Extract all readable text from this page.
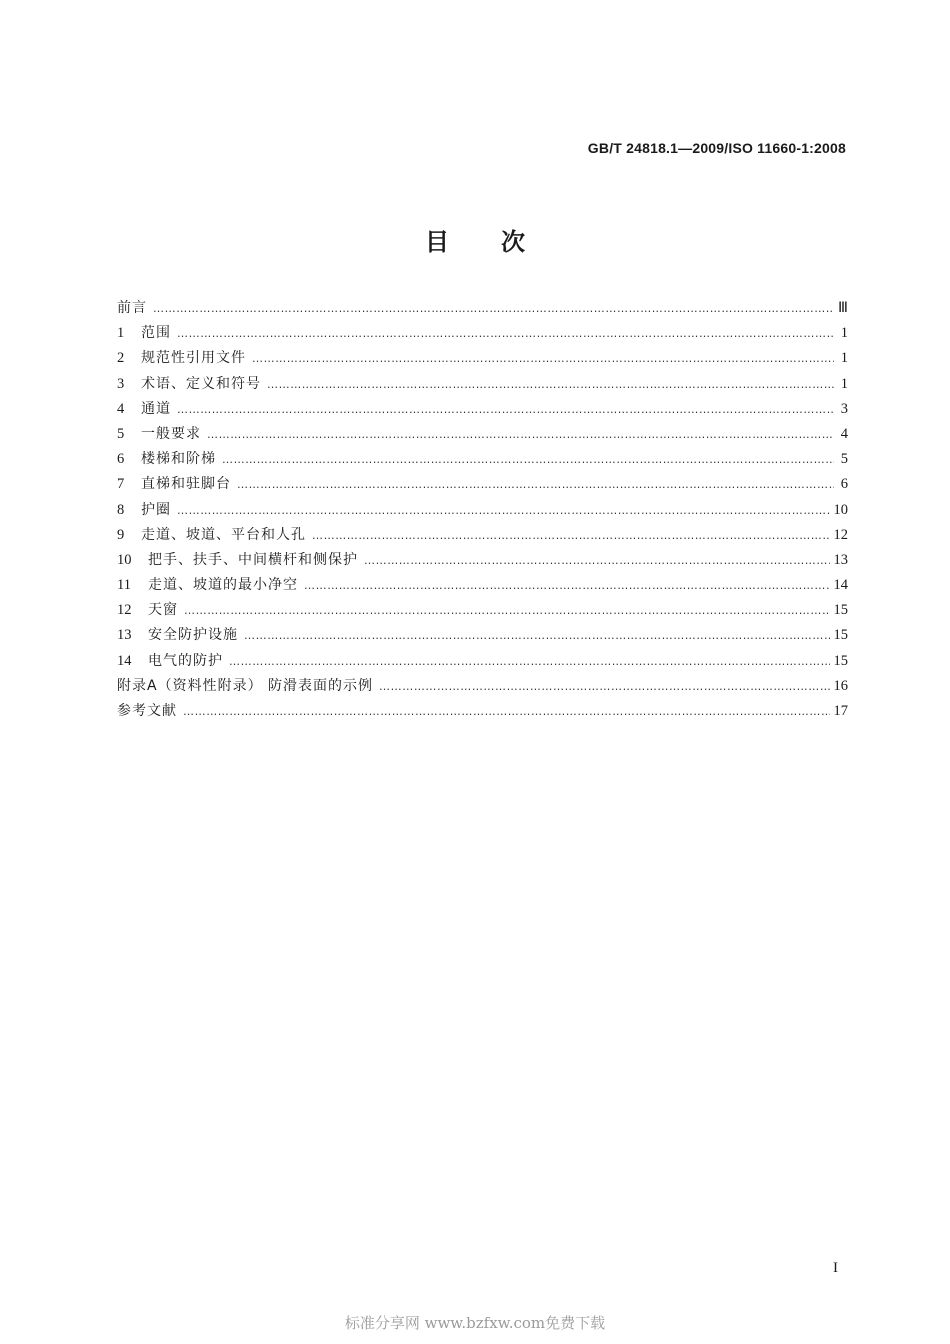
GB/T 24818.1—2009/ISO 11660-1:2008
目次
前言 ………………………………………………………………………………………………………………………………………………………………………………………………………………………………………………	Ⅲ
1	范围 ………………………………………………………………………………………………………………………………………………………………………………………………………………………………………………	1
2	规范性引用文件 ………………………………………………………………………………………………………………………………………………………………………………………………………………………………………………	1
3	术语、定义和符号 ………………………………………………………………………………………………………………………………………………………………………………………………………………………………………………	1
4	通道 ………………………………………………………………………………………………………………………………………………………………………………………………………………………………………………	3
5	一般要求 ………………………………………………………………………………………………………………………………………………………………………………………………………………………………………………	4
6	楼梯和阶梯 ………………………………………………………………………………………………………………………………………………………………………………………………………………………………………………	5
7	直梯和驻脚台 ………………………………………………………………………………………………………………………………………………………………………………………………………………………………………………	6
8	护圈 ………………………………………………………………………………………………………………………………………………………………………………………………………………………………………………	10
9	走道、坡道、平台和人孔 ………………………………………………………………………………………………………………………………………………………………………………………………………………………………………………	12
10	把手、扶手、中间横杆和侧保护 ………………………………………………………………………………………………………………………………………………………………………………………………………………………………………………	13
11	走道、坡道的最小净空 ………………………………………………………………………………………………………………………………………………………………………………………………………………………………………………	14
12	天窗 ………………………………………………………………………………………………………………………………………………………………………………………………………………………………………………	15
13	安全防护设施 ………………………………………………………………………………………………………………………………………………………………………………………………………………………………………………	15
14	电气的防护 ………………………………………………………………………………………………………………………………………………………………………………………………………………………………………………	15
附录A（资料性附录） 防滑表面的示例 ………………………………………………………………………………………………………………………………………………………………………………………………………………………………………………	16
参考文献 ………………………………………………………………………………………………………………………………………………………………………………………………………………………………………………	17
I
标准分享网 www.bzfxw.com免费下载
